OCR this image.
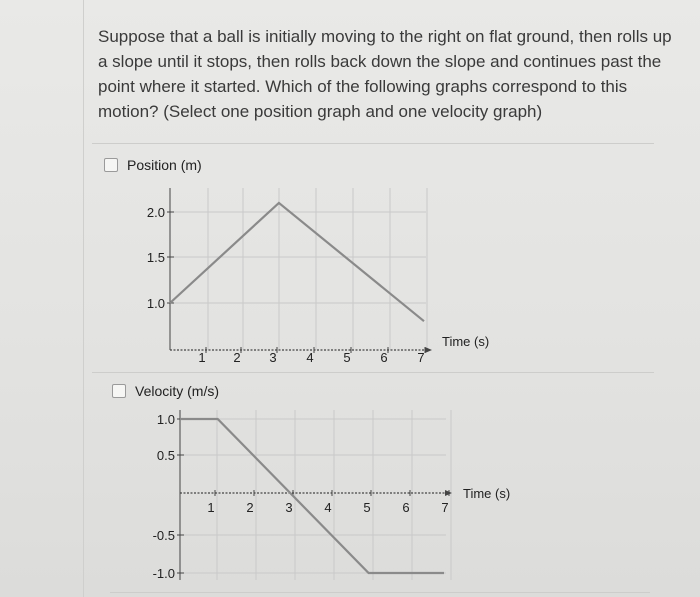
Suppose that a ball is initially moving to the right on flat ground, then rolls up a slope until it stops, then rolls back down the slope and continues past the point where it started. Which of the following graphs correspond to this motion? (Select one position graph and one velocity graph)
Position (m)
Velocity (m/s)
2.0
1.5
1.0
1 2 3 4 5 6 7
Time (s)
1.0
0.5
-0.5
-1.0
1 2 3 4 5 6 7
Time (s)
